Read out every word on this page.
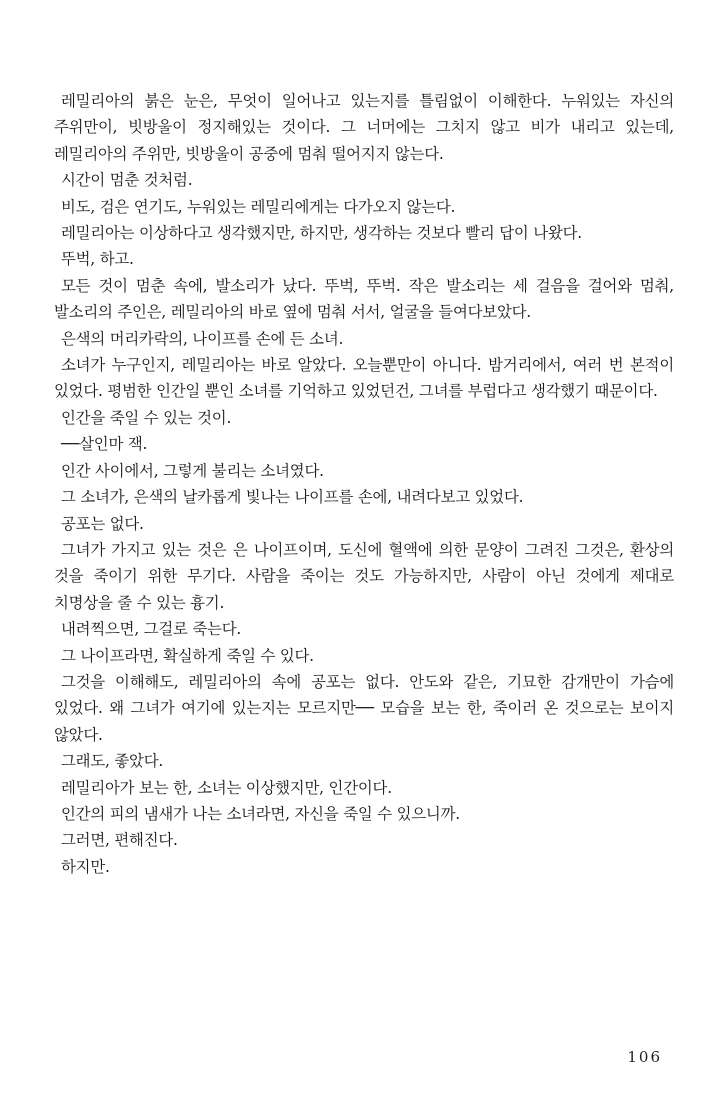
레밀리아의 붉은 눈은, 무엇이 일어나고 있는지를 틀림없이 이해한다. 누워있는 자신의 주위만이, 빗방울이 정지해있는 것이다. 그 너머에는 그치지 않고 비가 내리고 있는데, 레밀리아의 주위만, 빗방울이 공중에 멈춰 떨어지지 않는다.

시간이 멈춘 것처럼.

비도, 검은 연기도, 누워있는 레밀리에게는 다가오지 않는다.

레밀리아는 이상하다고 생각했지만, 하지만, 생각하는 것보다 빨리 답이 나왔다.

뚜벅, 하고.

모든 것이 멈춘 속에, 발소리가 났다. 뚜벅, 뚜벅. 작은 발소리는 세 걸음을 걸어와 멈춰, 발소리의 주인은, 레밀리아의 바로 옆에 멈춰 서서, 얼굴을 들여다보았다.

은색의 머리카락의, 나이프를 손에 든 소녀.

소녀가 누구인지, 레밀리아는 바로 알았다. 오늘뿐만이 아니다. 밤거리에서, 여러 번 본적이 있었다. 평범한 인간일 뿐인 소녀를 기억하고 있었던건, 그녀를 부럽다고 생각했기 때문이다.

인간을 죽일 수 있는 것이.

──살인마 잭.

인간 사이에서, 그렇게 불리는 소녀였다.

그 소녀가, 은색의 날카롭게 빛나는 나이프를 손에, 내려다보고 있었다.

공포는 없다.

그녀가 가지고 있는 것은 은 나이프이며, 도신에 혈액에 의한 문양이 그려진 그것은, 환상의 것을 죽이기 위한 무기다. 사람을 죽이는 것도 가능하지만, 사람이 아닌 것에게 제대로 치명상을 줄 수 있는 흉기.

내려찍으면, 그걸로 죽는다.

그 나이프라면, 확실하게 죽일 수 있다.

그것을 이해해도, 레밀리아의 속에 공포는 없다. 안도와 같은, 기묘한 감개만이 가슴에 있었다. 왜 그녀가 여기에 있는지는 모르지만── 모습을 보는 한, 죽이러 온 것으로는 보이지 않았다.

그래도, 좋았다.

레밀리아가 보는 한, 소녀는 이상했지만, 인간이다.

인간의 피의 냄새가 나는 소녀라면, 자신을 죽일 수 있으니까.

그러면, 편해진다.

하지만.

106
